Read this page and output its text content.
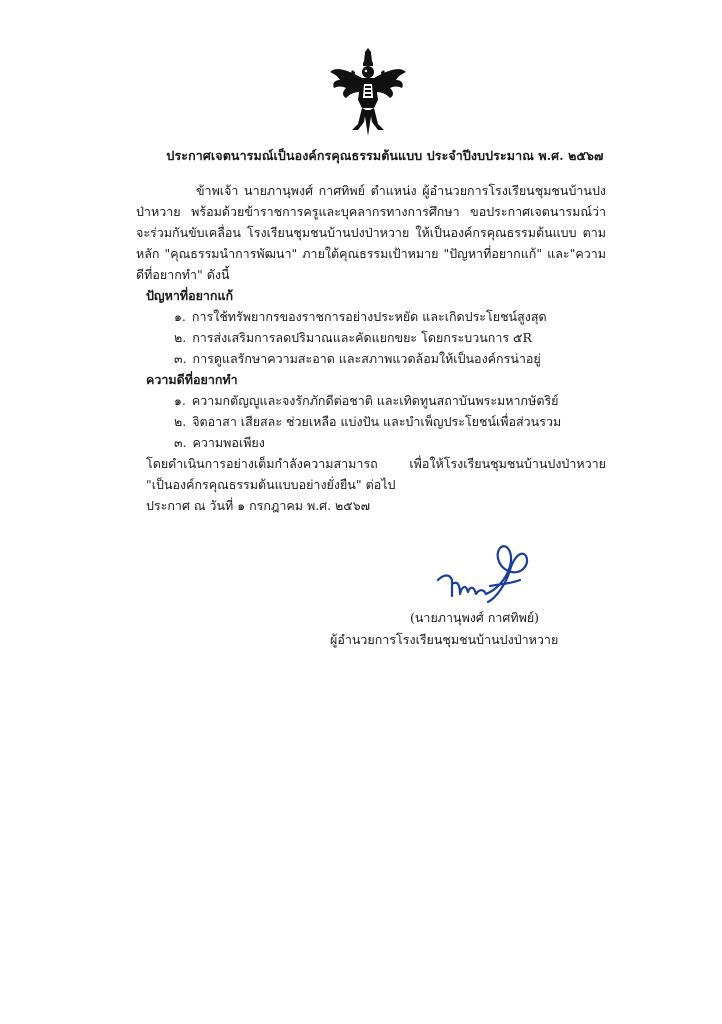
ประกาศเจตนารมณ์เป็นองค์กรคุณธรรมต้นแบบ ประจำปีงบประมาณ พ.ศ. ๒๕๖๗

ข้าพเจ้า นายภานุพงศ์ กาศทิพย์ ตำแหน่ง ผู้อำนวยการโรงเรียนชุมชนบ้านปงป่าหวาย พร้อมด้วยข้าราชการครูและบุคลากรทางการศึกษา ขอประกาศเจตนารมณ์ว่า จะร่วมกันขับเคลื่อน โรงเรียนชุมชนบ้านปงป่าหวาย ให้เป็นองค์กรคุณธรรมต้นแบบ ตามหลัก "คุณธรรมนำการพัฒนา" ภายใต้คุณธรรมเป้าหมาย "ปัญหาที่อยากแก้" และ"ความดีที่อยากทำ" ดังนี้

ปัญหาที่อยากแก้
๑. การใช้ทรัพยากรของราชการอย่างประหยัด และเกิดประโยชน์สูงสุด
๒. การส่งเสริมการลดปริมาณและคัดแยกขยะ โดยกระบวนการ ๕R
๓. การดูแลรักษาความสะอาด และสภาพแวดล้อมให้เป็นองค์กรน่าอยู่
ความดีที่อยากทำ
๑. ความกตัญญูและจงรักภักดีต่อชาติ และเทิดทูนสถาบันพระมหากษัตริย์
๒. จิตอาสา เสียสละ ช่วยเหลือ แบ่งปัน และบำเพ็ญประโยชน์เพื่อส่วนรวม
๓. ความพอเพียง

โดยดำเนินการอย่างเต็มกำลังความสามารถ เพื่อให้โรงเรียนชุมชนบ้านปงป่าหวาย "เป็นองค์กรคุณธรรมต้นแบบอย่างยั่งยืน" ต่อไป

ประกาศ ณ วันที่ ๑ กรกฎาคม พ.ศ. ๒๕๖๗
(นายภานุพงศ์ กาศทิพย์)
ผู้อำนวยการโรงเรียนชุมชนบ้านปงป่าหวาย
